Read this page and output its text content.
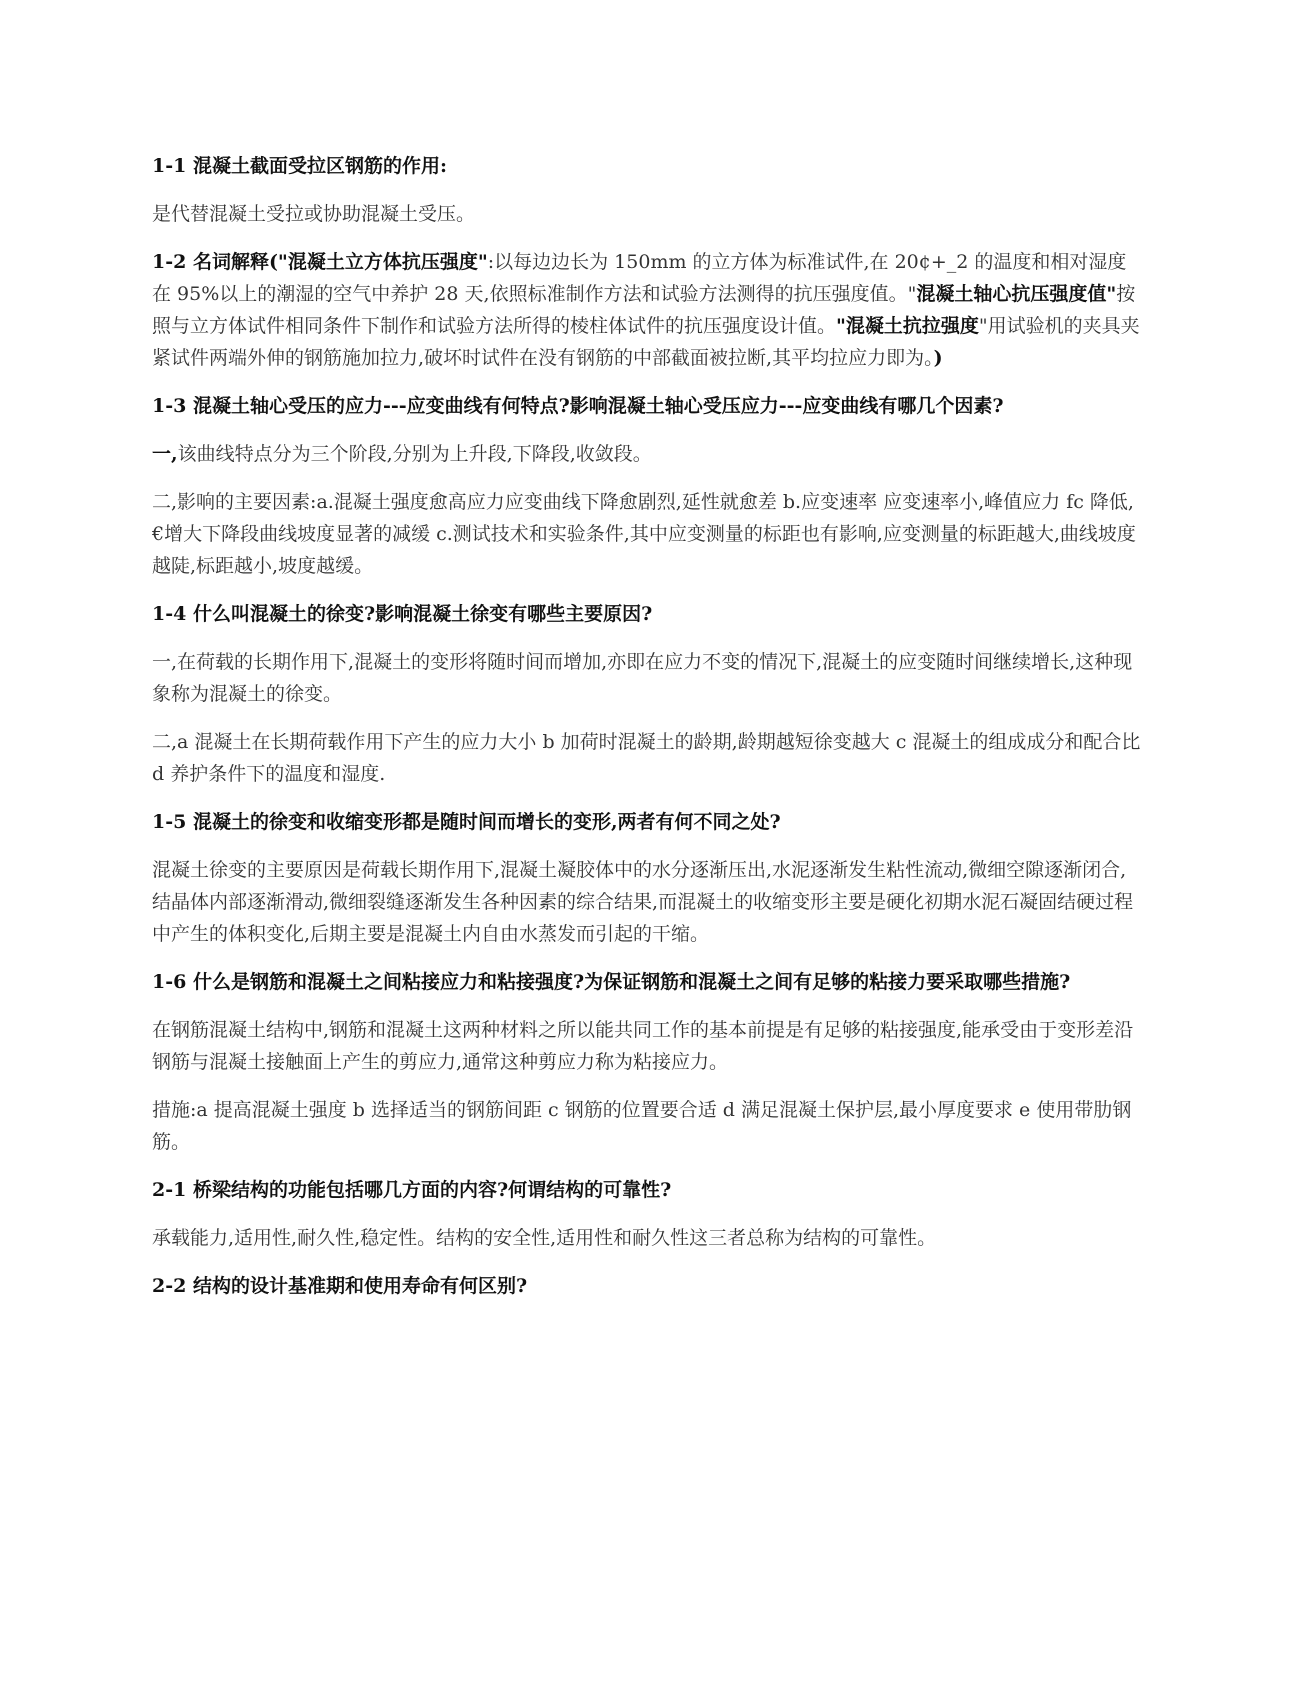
1-1 混凝土截面受拉区钢筋的作用:

是代替混凝土受拉或协助混凝土受压。

1-2 名词解释("混凝土立方体抗压强度":以每边边长为 150mm 的立方体为标准试件,在 20¢+_2 的温度和相对湿度在 95%以上的潮湿的空气中养护 28 天,依照标准制作方法和试验方法测得的抗压强度值。"混凝土轴心抗压强度值"按照与立方体试件相同条件下制作和试验方法所得的棱柱体试件的抗压强度设计值。"混凝土抗拉强度"用试验机的夹具夹紧试件两端外伸的钢筋施加拉力,破坏时试件在没有钢筋的中部截面被拉断,其平均拉应力即为。)

1-3 混凝土轴心受压的应力---应变曲线有何特点?影响混凝土轴心受压应力---应变曲线有哪几个因素?

一,该曲线特点分为三个阶段,分别为上升段,下降段,收敛段。

二,影响的主要因素:a.混凝土强度愈高应力应变曲线下降愈剧烈,延性就愈差 b.应变速率 应变速率小,峰值应力 fc 降低,€增大下降段曲线坡度显著的减缓 c.测试技术和实验条件,其中应变测量的标距也有影响,应变测量的标距越大,曲线坡度越陡,标距越小,坡度越缓。

1-4 什么叫混凝土的徐变?影响混凝土徐变有哪些主要原因?

一,在荷载的长期作用下,混凝土的变形将随时间而增加,亦即在应力不变的情况下,混凝土的应变随时间继续增长,这种现象称为混凝土的徐变。

二,a 混凝土在长期荷载作用下产生的应力大小 b 加荷时混凝土的龄期,龄期越短徐变越大 c 混凝土的组成成分和配合比 d 养护条件下的温度和湿度.

1-5 混凝土的徐变和收缩变形都是随时间而增长的变形,两者有何不同之处?

混凝土徐变的主要原因是荷载长期作用下,混凝土凝胶体中的水分逐渐压出,水泥逐渐发生粘性流动,微细空隙逐渐闭合,结晶体内部逐渐滑动,微细裂缝逐渐发生各种因素的综合结果,而混凝土的收缩变形主要是硬化初期水泥石凝固结硬过程中产生的体积变化,后期主要是混凝土内自由水蒸发而引起的干缩。

1-6 什么是钢筋和混凝土之间粘接应力和粘接强度?为保证钢筋和混凝土之间有足够的粘接力要采取哪些措施?

在钢筋混凝土结构中,钢筋和混凝土这两种材料之所以能共同工作的基本前提是有足够的粘接强度,能承受由于变形差沿钢筋与混凝土接触面上产生的剪应力,通常这种剪应力称为粘接应力。

措施:a 提高混凝土强度 b 选择适当的钢筋间距 c 钢筋的位置要合适 d 满足混凝土保护层,最小厚度要求 e 使用带肋钢筋。

2-1 桥梁结构的功能包括哪几方面的内容?何谓结构的可靠性?

承载能力,适用性,耐久性,稳定性。结构的安全性,适用性和耐久性这三者总称为结构的可靠性。

2-2 结构的设计基准期和使用寿命有何区别?
